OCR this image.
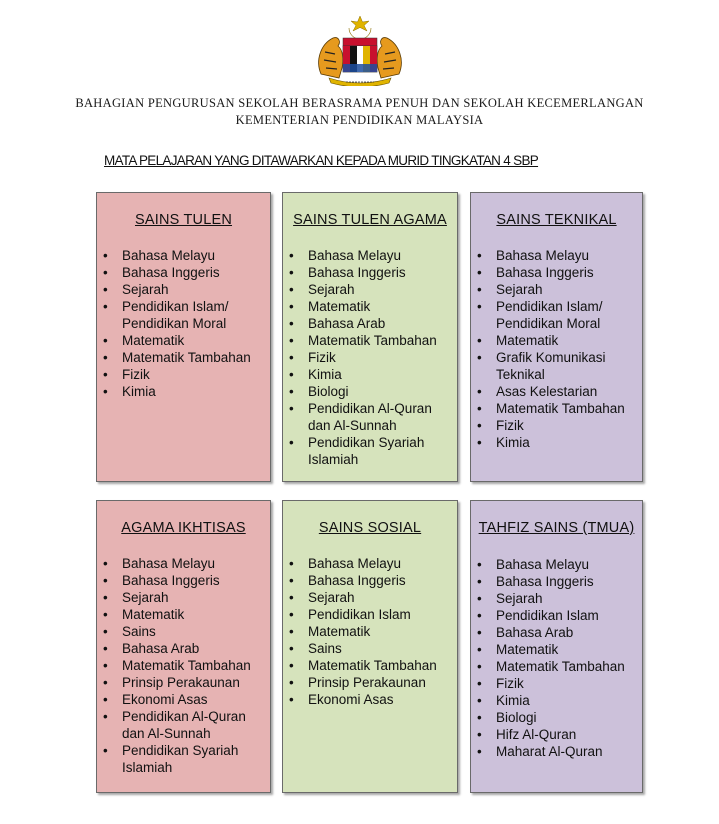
BAHAGIAN PENGURUSAN SEKOLAH BERASRAMA PENUH DAN SEKOLAH KECEMERLANGAN
KEMENTERIAN PENDIDIKAN MALAYSIA
MATA PELAJARAN YANG DITAWARKAN KEPADA MURID TINGKATAN 4 SBP
SAINS TULEN
• Bahasa Melayu
• Bahasa Inggeris
• Sejarah
• Pendidikan Islam/ Pendidikan Moral
• Matematik
• Matematik Tambahan
• Fizik
• Kimia
SAINS TULEN AGAMA
• Bahasa Melayu
• Bahasa Inggeris
• Sejarah
• Matematik
• Bahasa Arab
• Matematik Tambahan
• Fizik
• Kimia
• Biologi
• Pendidikan Al-Quran dan Al-Sunnah
• Pendidikan Syariah Islamiah
SAINS TEKNIKAL
• Bahasa Melayu
• Bahasa Inggeris
• Sejarah
• Pendidikan Islam/ Pendidikan Moral
• Matematik
• Grafik Komunikasi Teknikal
• Asas Kelestarian
• Matematik Tambahan
• Fizik
• Kimia
AGAMA IKHTISAS
• Bahasa Melayu
• Bahasa Inggeris
• Sejarah
• Matematik
• Sains
• Bahasa Arab
• Matematik Tambahan
• Prinsip Perakaunan
• Ekonomi Asas
• Pendidikan Al-Quran dan Al-Sunnah
• Pendidikan Syariah Islamiah
SAINS SOSIAL
• Bahasa Melayu
• Bahasa Inggeris
• Sejarah
• Pendidikan Islam
• Matematik
• Sains
• Matematik Tambahan
• Prinsip Perakaunan
• Ekonomi Asas
TAHFIZ SAINS (TMUA)
• Bahasa Melayu
• Bahasa Inggeris
• Sejarah
• Pendidikan Islam
• Bahasa Arab
• Matematik
• Matematik Tambahan
• Fizik
• Kimia
• Biologi
• Hifz Al-Quran
• Maharat Al-Quran
